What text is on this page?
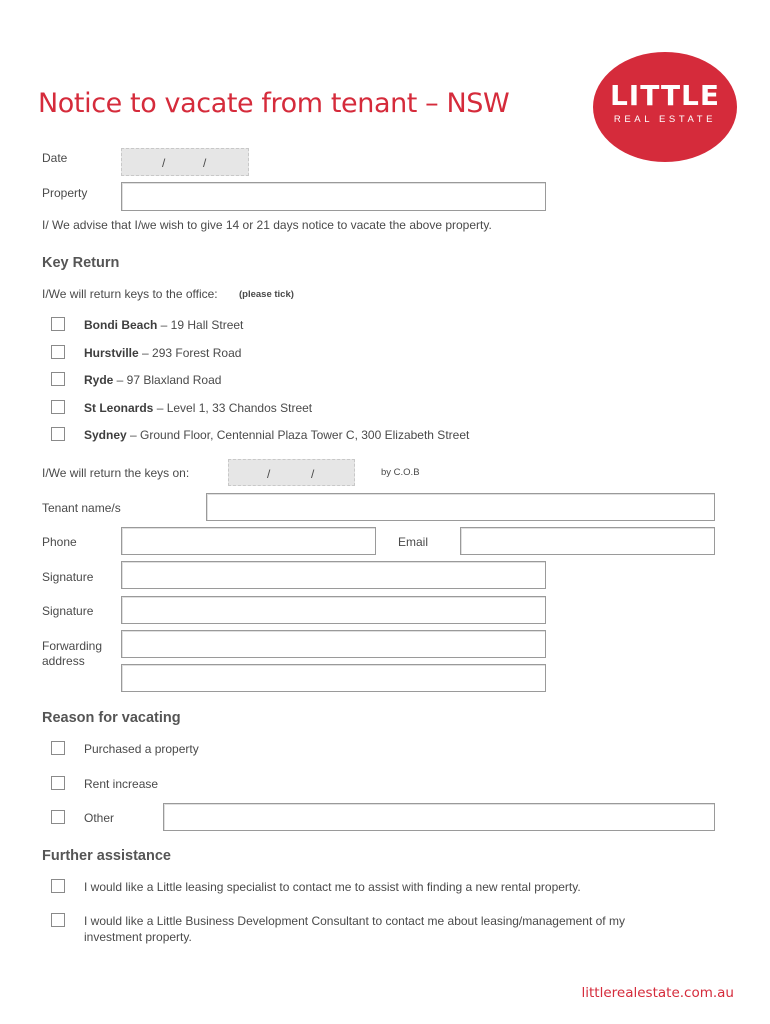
Notice to vacate from tenant – NSW	LITTLE
REAL ESTATE
Date	/	/
Property
I/ We advise that I/we wish to give 14 or 21 days notice to vacate the above property.
Key Return
I/We will return keys to the office: (please tick)
Bondi Beach – 19 Hall Street
Hurstville – 293 Forest Road
Ryde – 97 Blaxland Road
St Leonards – Level 1, 33 Chandos Street
Sydney – Ground Floor, Centennial Plaza Tower C, 300 Elizabeth Street
I/We will return the keys on:	/	/	by C.O.B
Tenant name/s
Phone	Email
Signature
Signature
Forwarding
address
Reason for vacating
Purchased a property
Rent increase
Other
Further assistance
I would like a Little leasing specialist to contact me to assist with finding a new rental property.
I would like a Little Business Development Consultant to contact me about leasing/management of my
investment property.
littlerealestate.com.au
